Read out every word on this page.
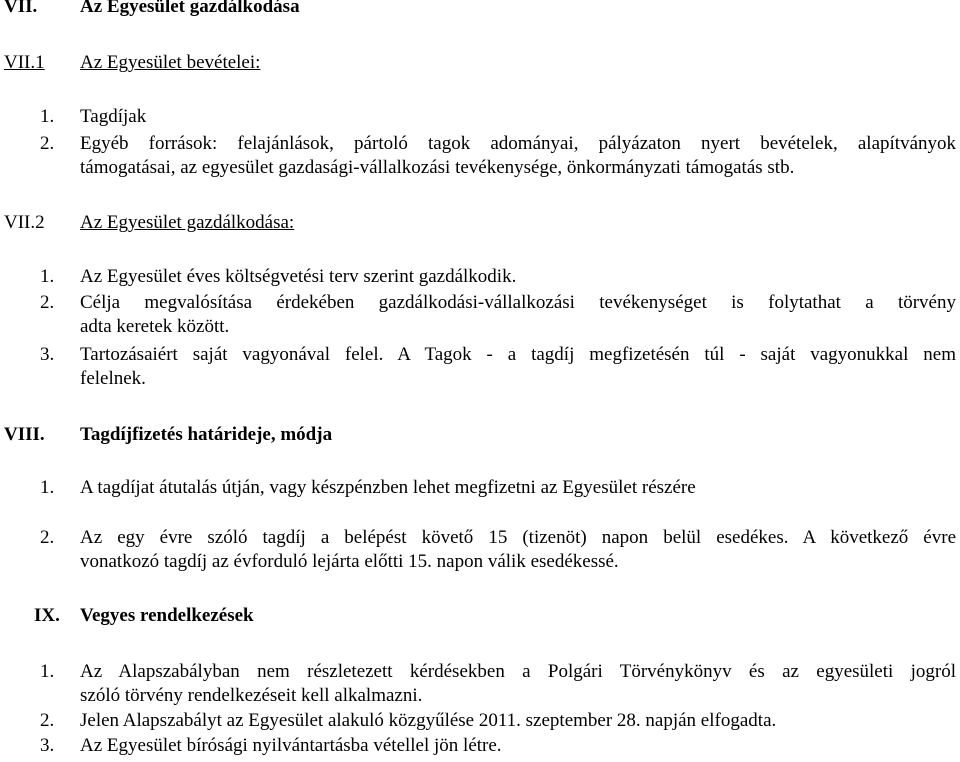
VII. Az Egyesület gazdálkodása
VII.1 Az Egyesület bevételei:
1. Tagdíjak
2. Egyéb források: felajánlások, pártoló tagok adományai, pályázaton nyert bevételek, alapítványok
támogatásai, az egyesület gazdasági-vállalkozási tevékenysége, önkormányzati támogatás stb.
VII.2 Az Egyesület gazdálkodása:
1. Az Egyesület éves költségvetési terv szerint gazdálkodik.
2. Célja megvalósítása érdekében gazdálkodási-vállalkozási tevékenységet is folytathat a törvény
adta keretek között.
3. Tartozásaiért saját vagyonával felel. A Tagok - a tagdíj megfizetésén túl - saját vagyonukkal nem
felelnek.
VIII. Tagdíjfizetés határideje, módja
1. A tagdíjat átutalás útján, vagy készpénzben lehet megfizetni az Egyesület részére
2. Az egy évre szóló tagdíj a belépést követő 15 (tizenöt) napon belül esedékes. A következő évre
vonatkozó tagdíj az évforduló lejárta előtti 15. napon válik esedékessé.
IX. Vegyes rendelkezések
1. Az Alapszabályban nem részletezett kérdésekben a Polgári Törvénykönyv és az egyesületi jogról
szóló törvény rendelkezéseit kell alkalmazni.
2. Jelen Alapszabályt az Egyesület alakuló közgyűlése 2011. szeptember 28. napján elfogadta.
3. Az Egyesület bírósági nyilvántartásba vétellel jön létre.
